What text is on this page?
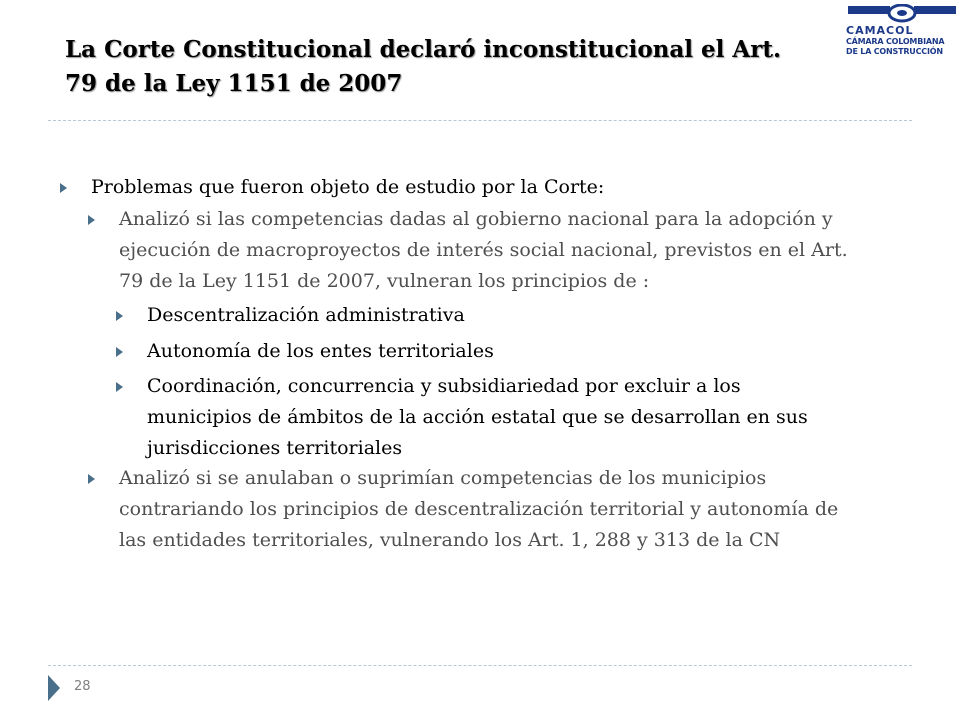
La Corte Constitucional declaró inconstitucional el Art.
79 de la Ley 1151 de 2007
CAMACOL
CÁMARA COLOMBIANA
DE LA CONSTRUCCIÓN
Problemas que fueron objeto de estudio por la Corte:
Analizó si las competencias dadas al gobierno nacional para la adopción y
ejecución de macroproyectos de interés social nacional, previstos en el Art.
79 de la Ley 1151 de 2007, vulneran los principios de :
Descentralización administrativa
Autonomía de los entes territoriales
Coordinación, concurrencia y subsidiariedad por excluir a los
municipios de ámbitos de la acción estatal que se desarrollan en sus
jurisdicciones territoriales
Analizó si se anulaban o suprimían competencias de los municipios
contrariando los principios de descentralización territorial y autonomía de
las entidades territoriales, vulnerando los Art. 1, 288 y 313 de la CN
28
